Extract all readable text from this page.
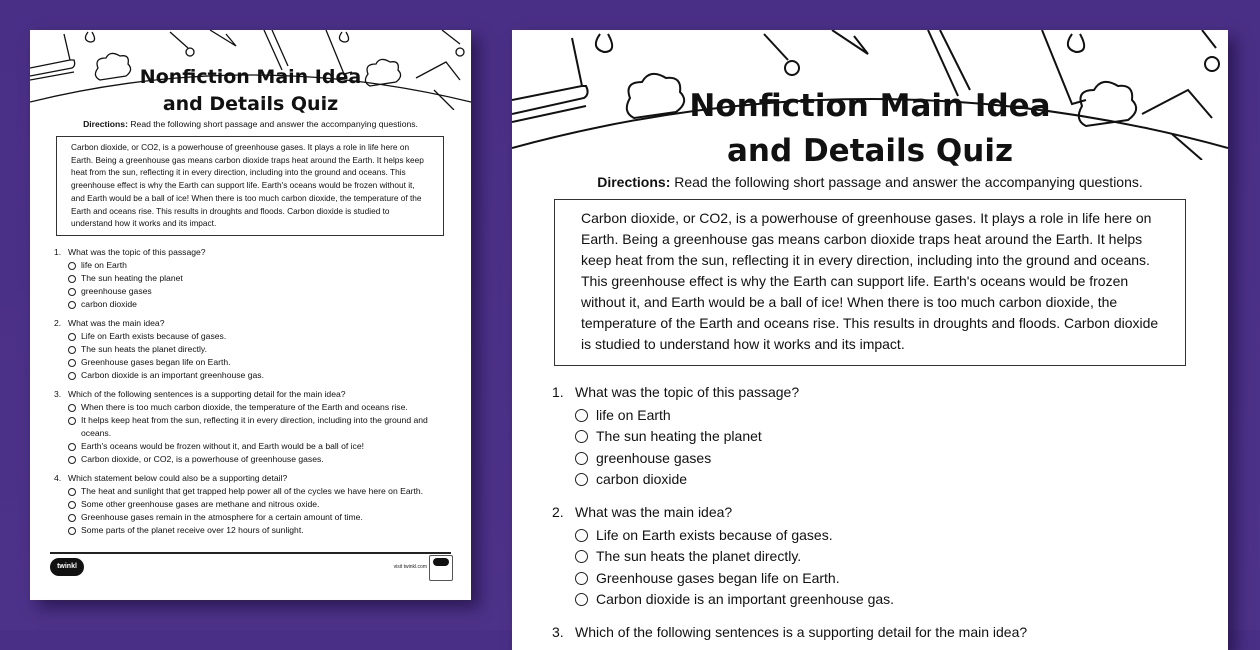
Nonfiction Main Idea
and Details Quiz
Directions: Read the following short passage and answer the accompanying questions.
Carbon dioxide, or CO2, is a powerhouse of greenhouse gases. It plays a role in life here on Earth. Being a greenhouse gas means carbon dioxide traps heat around the Earth. It helps keep heat from the sun, reflecting it in every direction, including into the ground and oceans. This greenhouse effect is why the Earth can support life. Earth's oceans would be frozen without it, and Earth would be a ball of ice! When there is too much carbon dioxide, the temperature of the Earth and oceans rise. This results in droughts and floods. Carbon dioxide is studied to understand how it works and its impact.
1. What was the topic of this passage?
life on Earth
The sun heating the planet
greenhouse gases
carbon dioxide
2. What was the main idea?
Life on Earth exists because of gases.
The sun heats the planet directly.
Greenhouse gases began life on Earth.
Carbon dioxide is an important greenhouse gas.
3. Which of the following sentences is a supporting detail for the main idea?
When there is too much carbon dioxide, the temperature of the Earth and oceans rise.
It helps keep heat from the sun, reflecting it in every direction, including into the ground and oceans.
Earth's oceans would be frozen without it, and Earth would be a ball of ice!
Carbon dioxide, or CO2, is a powerhouse of greenhouse gases.
4. Which statement below could also be a supporting detail?
The heat and sunlight that get trapped help power all of the cycles we have here on Earth.
Some other greenhouse gases are methane and nitrous oxide.
Greenhouse gases remain in the atmosphere for a certain amount of time.
Some parts of the planet receive over 12 hours of sunlight.
twinkl	visit twinkl.com
Nonfiction Main Idea
and Details Quiz
Directions: Read the following short passage and answer the accompanying questions.
Carbon dioxide, or CO2, is a powerhouse of greenhouse gases. It plays a role in life here on Earth. Being a greenhouse gas means carbon dioxide traps heat around the Earth. It helps keep heat from the sun, reflecting it in every direction, including into the ground and oceans. This greenhouse effect is why the Earth can support life. Earth's oceans would be frozen without it, and Earth would be a ball of ice! When there is too much carbon dioxide, the temperature of the Earth and oceans rise. This results in droughts and floods. Carbon dioxide is studied to understand how it works and its impact.
1. What was the topic of this passage?
life on Earth
The sun heating the planet
greenhouse gases
carbon dioxide
2. What was the main idea?
Life on Earth exists because of gases.
The sun heats the planet directly.
Greenhouse gases began life on Earth.
Carbon dioxide is an important greenhouse gas.
3. Which of the following sentences is a supporting detail for the main idea?
